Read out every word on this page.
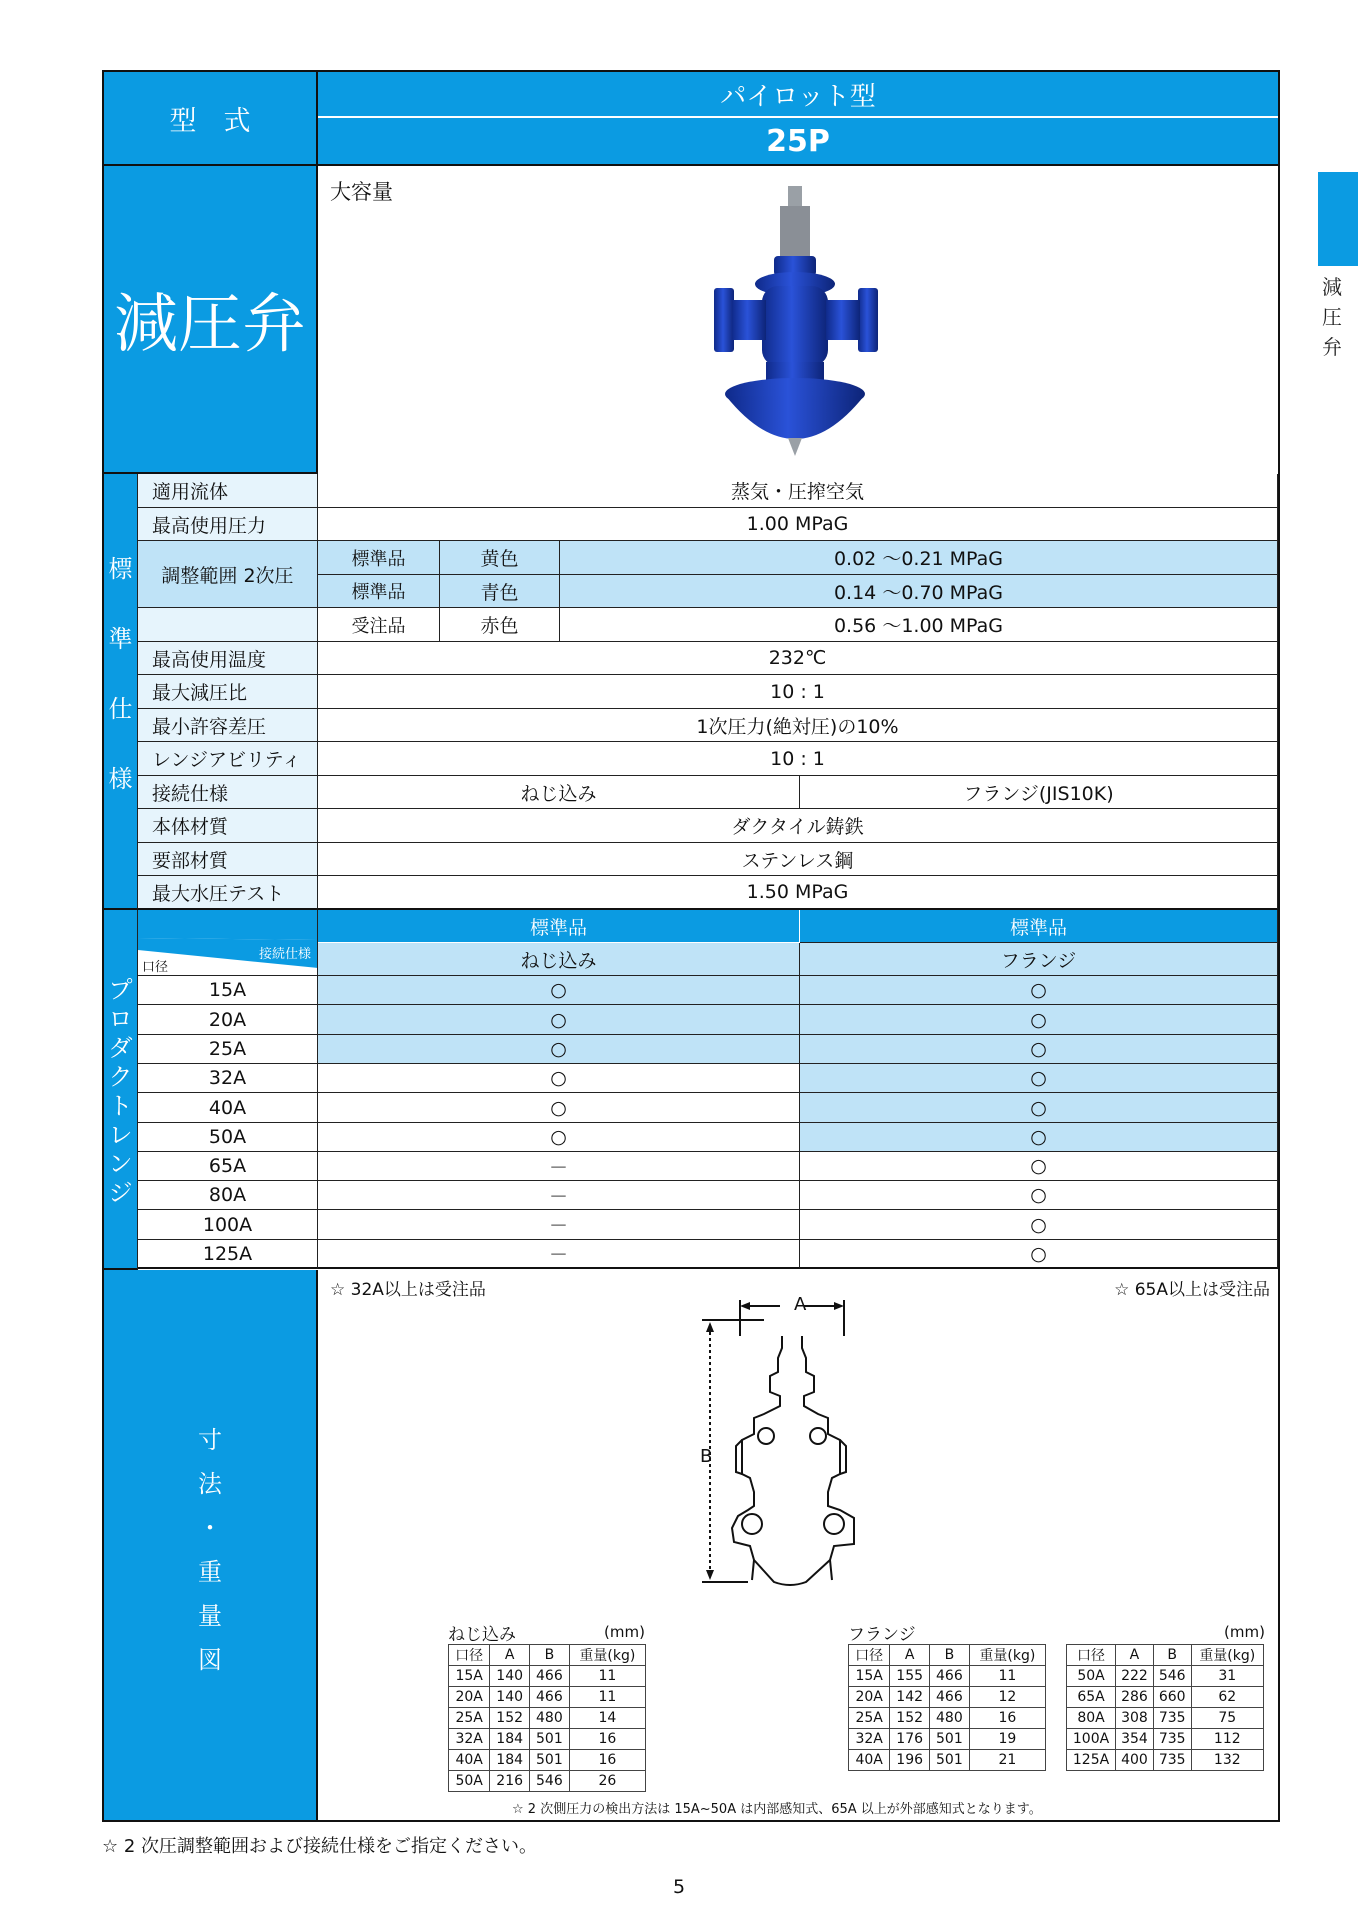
減
圧
弁
型　式
パイロット型
25P
減圧弁
大容量
標
準
仕
様
適用流体	蒸気・圧搾空気
最高使用圧力	1.00 MPaG
調整範囲 2次圧
標準品	黄色	0.02 〜0.21 MPaG
標準品	青色	0.14 〜0.70 MPaG
受注品	赤色	0.56 〜1.00 MPaG
最高使用温度	232℃
最大減圧比	10 : 1
最小許容差圧	1次圧力(絶対圧)の10%
レンジアビリティ	10 : 1
接続仕様	ねじ込み	フランジ(JIS10K)
本体材質	ダクタイル鋳鉄
要部材質	ステンレス鋼
最大水圧テスト	1.50 MPaG
プ
ロ
ダ
ク
ト
レ
ン
ジ
接続仕様
口径
標準品	標準品
ねじ込み	フランジ
15A	○	○
20A	○	○
25A	○	○
32A	○	○
40A	○	○
50A	○	○
65A	－	○
80A	－	○
100A	－	○
125A	－	○
寸
法
・
重
量
図
☆ 32A以上は受注品	☆ 65A以上は受注品
A
B
ねじ込み	(mm)
口径	A	B	重量(kg)
15A	140	466	11
20A	140	466	11
25A	152	480	14
32A	184	501	16
40A	184	501	16
50A	216	546	26
フランジ	(mm)
口径	A	B	重量(kg)
15A	155	466	11
20A	142	466	12
25A	152	480	16
32A	176	501	19
40A	196	501	21
口径	A	B	重量(kg)
50A	222	546	31
65A	286	660	62
80A	308	735	75
100A	354	735	112
125A	400	735	132
☆ 2 次側圧力の検出方法は 15A~50A は内部感知式、65A 以上が外部感知式となります。
☆ 2 次圧調整範囲および接続仕様をご指定ください。
5
